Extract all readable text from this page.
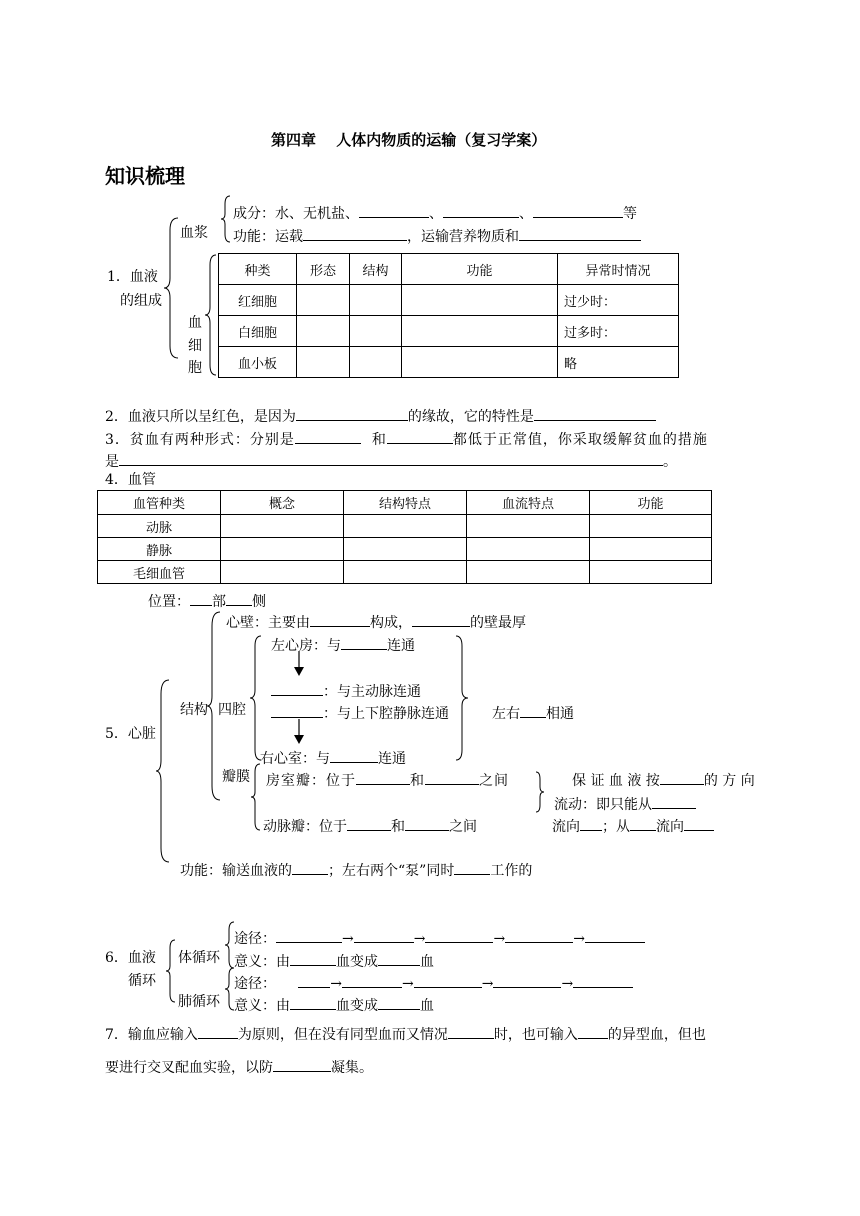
第四章　 人体内物质的运输（复习学案）
知识梳理
1．血液
的组成
血浆
成分：水、无机盐、	、	、	等
功能：运载	，运输营养物质和
血
细
胞
种类	形态	结构	功能	异常时情况
红细胞				过少时：
白细胞				过多时：
血小板				略
2．血液只所以呈红色，是因为	的缘故，它的特性是
3．贫血有两种形式：分别是	和	都低于正常值，你采取缓解贫血的措施
是	。
4．血管
血管种类	概念	结构特点	血流特点	功能
动脉				
静脉				
毛细血管				
位置： 部 侧
5．心脏
结构
心壁：主要由	构成，	的壁最厚
四腔
左心房：与	连通
：与主动脉连通
：与上下腔静脉连通
右心室：与	连通
左右 相通
瓣膜 房室瓣：位于	和	之间
动脉瓣：位于	和	之间
保 证 血 液 按	的 方 向
流动：即只能从
流向 ；从 流向
功能：输送血液的	；左右两个“泵”同时	工作的
6．血液
循环
体循环
肺循环
途径：	→	→	→	→
意义：由	血变成	血
途径：	→	→	→	→
意义：由	血变成	血
7．输血应输入	为原则，但在没有同型血而又情况	时，也可输入 的异型血，但也
要进行交叉配血实验，以防	凝集。
